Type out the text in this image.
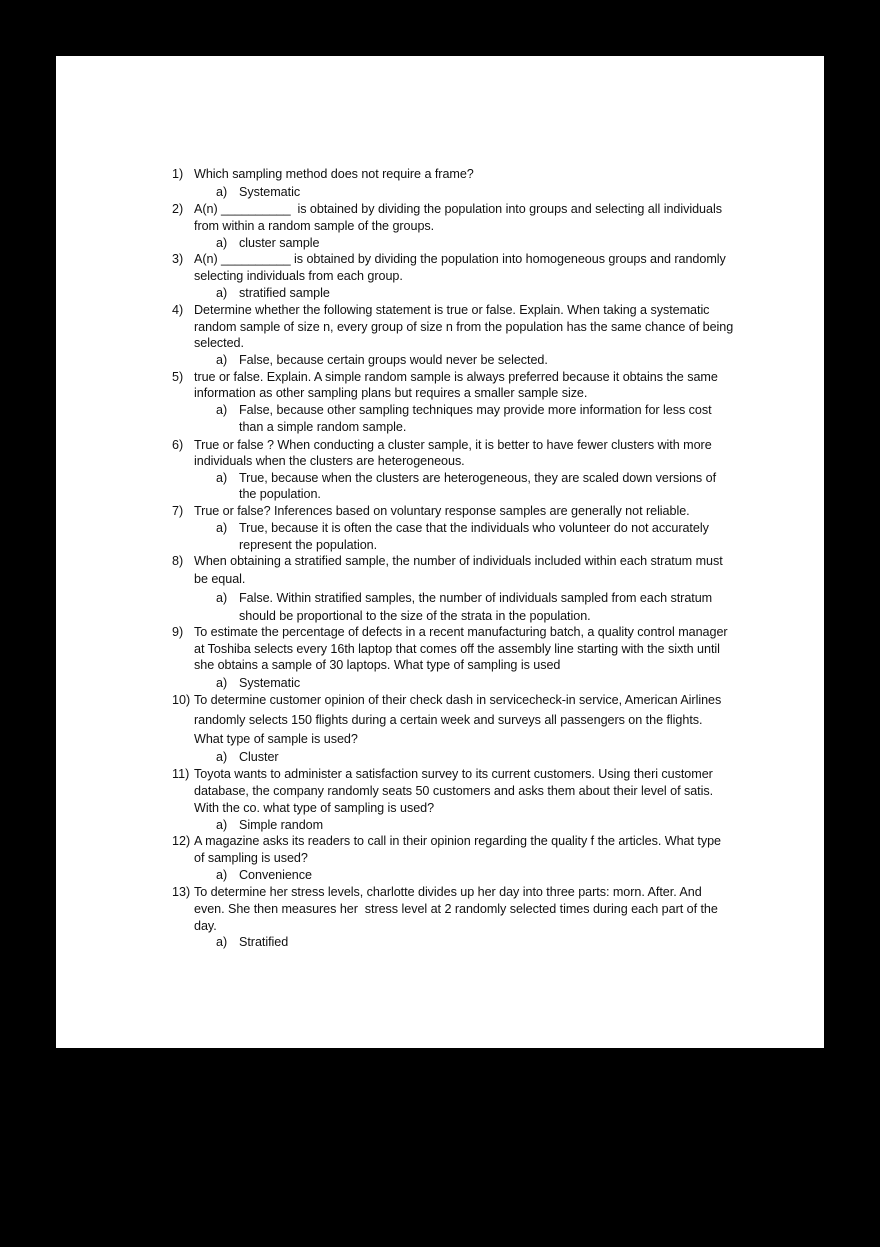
1) Which sampling method does not require a frame?
a) Systematic
2) A(n) __________  is obtained by dividing the population into groups and selecting all individuals
from within a random sample of the groups.
a) cluster sample
3) A(n) __________ is obtained by dividing the population into homogeneous groups and randomly
selecting individuals from each group.
a) stratified sample
4) Determine whether the following statement is true or false. Explain. When taking a systematic
random sample of size n, every group of size n from the population has the same chance of being
selected.
a) False, because certain groups would never be selected.
5) true or false. Explain. A simple random sample is always preferred because it obtains the same
information as other sampling plans but requires a smaller sample size.
a) False, because other sampling techniques may provide more information for less cost
than a simple random sample.
6) True or false ? When conducting a cluster sample, it is better to have fewer clusters with more
individuals when the clusters are heterogeneous.
a) True, because when the clusters are heterogeneous, they are scaled down versions of
the population.
7) True or false? Inferences based on voluntary response samples are generally not reliable.
a) True, because it is often the case that the individuals who volunteer do not accurately
represent the population.
8) When obtaining a stratified sample, the number of individuals included within each stratum must
be equal.
a) False. Within stratified samples, the number of individuals sampled from each stratum
should be proportional to the size of the strata in the population.
9) To estimate the percentage of defects in a recent manufacturing batch, a quality control manager
at Toshiba selects every 16th laptop that comes off the assembly line starting with the sixth until
she obtains a sample of 30 laptops. What type of sampling is used
a) Systematic
10) To determine customer opinion of their check dash in servicecheck-in service, American Airlines
randomly selects 150 flights during a certain week and surveys all passengers on the flights.
What type of sample is used?
a) Cluster
11) Toyota wants to administer a satisfaction survey to its current customers. Using theri customer
database, the company randomly seats 50 customers and asks them about their level of satis.
With the co. what type of sampling is used?
a) Simple random
12) A magazine asks its readers to call in their opinion regarding the quality f the articles. What type
of sampling is used?
a) Convenience
13) To determine her stress levels, charlotte divides up her day into three parts: morn. After. And
even. She then measures her  stress level at 2 randomly selected times during each part of the
day.
a) Stratified
